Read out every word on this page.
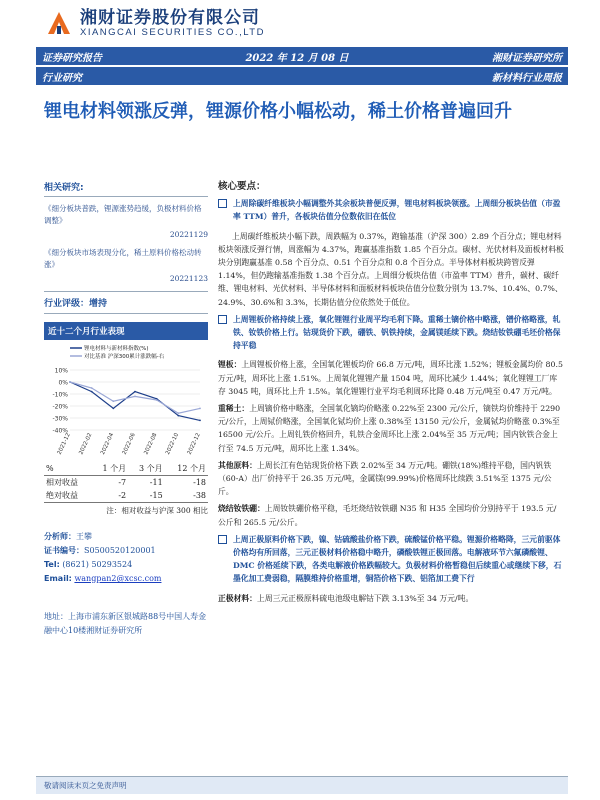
湘财证券股份有限公司
XIANGCAI SECURITIES CO.,LTD
证券研究报告	2022 年 12 月 08 日	湘财证券研究所
行业研究	新材料行业周报
锂电材料领涨反弹，锂源价格小幅松动，稀土价格普遍回升
相关研究:
《细分板块普跌，锂源涨势趋缓，负极材料价格调整》
20221129
《细分板块市场表现分化，稀土原料价格松动转涨》
20221123
行业评级：增持
近十二个月行业表现
10%
0%
-10%
-20%
-30%
-40%
2021-12 2022-02 2022-04 2022-06 2022-08 2022-10 2022-12
锂电材料与新材料指数(%)
对比基准 沪深300累计涨跌幅-右
%	1 个月	3 个月	12 个月
相对收益	-7	-11	-18
绝对收益	-2	-15	-38
注：相对收益与沪深 300 相比
分析师：王攀
证书编号：S0500520120001
Tel: (8621) 50293524
Email: wangpan2@xcsc.com
地址：上海市浦东新区银城路88号中国人寿金融中心10楼湘财证券研究所
核心要点：
上周除碳纤维板块小幅调整外其余板块普便反弹，锂电材料板块领涨。上周细分板块估值（市盈率 TTM）普升，各板块估值分位数依旧在低位

上周碳纤维板块小幅下跌，周跌幅为 0.37%，跑输基准（沪深 300）2.89 个百分点；锂电材料板块领涨反弹行情，周涨幅为 4.37%，跑赢基准指数 1.85 个百分点。碳材、光伏材料及面板材料板块分别跑赢基准 0.58 个百分点、0.51 个百分点和 0.8 个百分点。半导体材料板块跨管反弹 1.14%，但仍跑输基准指数 1.38 个百分点。上周细分板块估值（市盈率 TTM）普升，碳材、碳纤维、锂电材料、光伏材料、半导体材料和面板材料板块估值分位数分别为 13.7%、10.4%、0.7%、24.9%、30.6%和 3.3%，长期估值分位依然处于低位。

上周锂板价格持续上涨，氧化锂锂行业周平均毛利下降。重稀土镝价格中略涨，镨价格略涨，轧铁、钕铁价格上行。钴现货价下跌，硼铁、钒铁持续，金属镁延续下跌。烧结钕铁硼毛坯价格保持平稳

锂板：上周锂板价格上涨，全国氧化锂板均价 66.8 万元/吨，周环比涨 1.52%；锂板金属均价 80.5 万元/吨，周环比上涨 1.51%。上周氧化锂锂产量 1504 吨，周环比减少 1.44%；氧化锂锂工厂库存 3045 吨，周环比上升 1.5%。氧化锂锂行业平均毛利周环比降 0.48 万元/吨至 0.47 万元/吨。

重稀土：上周镝价格中略涨，全国氧化镝均价略涨 0.22%至 2300 元/公斤，镝铁均价维持于 2290 元/公斤，上周铽价略涨，全国氧化铽均价上涨 0.38%至 13150 元/公斤，金属铽均价略涨 0.3%至 16500 元/公斤。上周钆铁价格回升，轧铁合金周环比上涨 2.04%至 35 万元/吨；国内钬铁合金上行至 74.5 万元/吨，周环比上涨 1.34%。

其他原料：上周长江有色钴现货价格下跌 2.02%至 34 万元/吨。硼铁(18%)维持平稳，国内钒铁（60-A）出厂价持平于 26.35 万元/吨，金属镁(99.99%)价格周环比续跌 3.51%至 1375 元/公斤。

烧结钕铁硼：上周钕铁硼价格平稳，毛坯烧结钕铁硼 N35 和 H35 全国均价分别持平于 193.5 元/公斤和 265.5 元/公斤。

上周正极原料价格下跌，镍、钴硫酸盐价格下跌，硫酸锰价格平稳。锂源价格略降，三元前驱体价格均有所回落，三元正极材料价格稳中略升，磷酸铁锂正极回落。电解液环节六氟磷酸锂、DMC 价格延续下跌，各类电解液价格跌幅较大。负极材料价格暂稳但后续重心或继续下移，石墨化加工费弱稳，隔膜维持价格重增，铜箔价格下跌、铝箔加工费下行

正极材料：上周三元正极原料硫电池级电解钴下跌 3.13%至 34 万元/吨。

敬请阅读末页之免责声明
